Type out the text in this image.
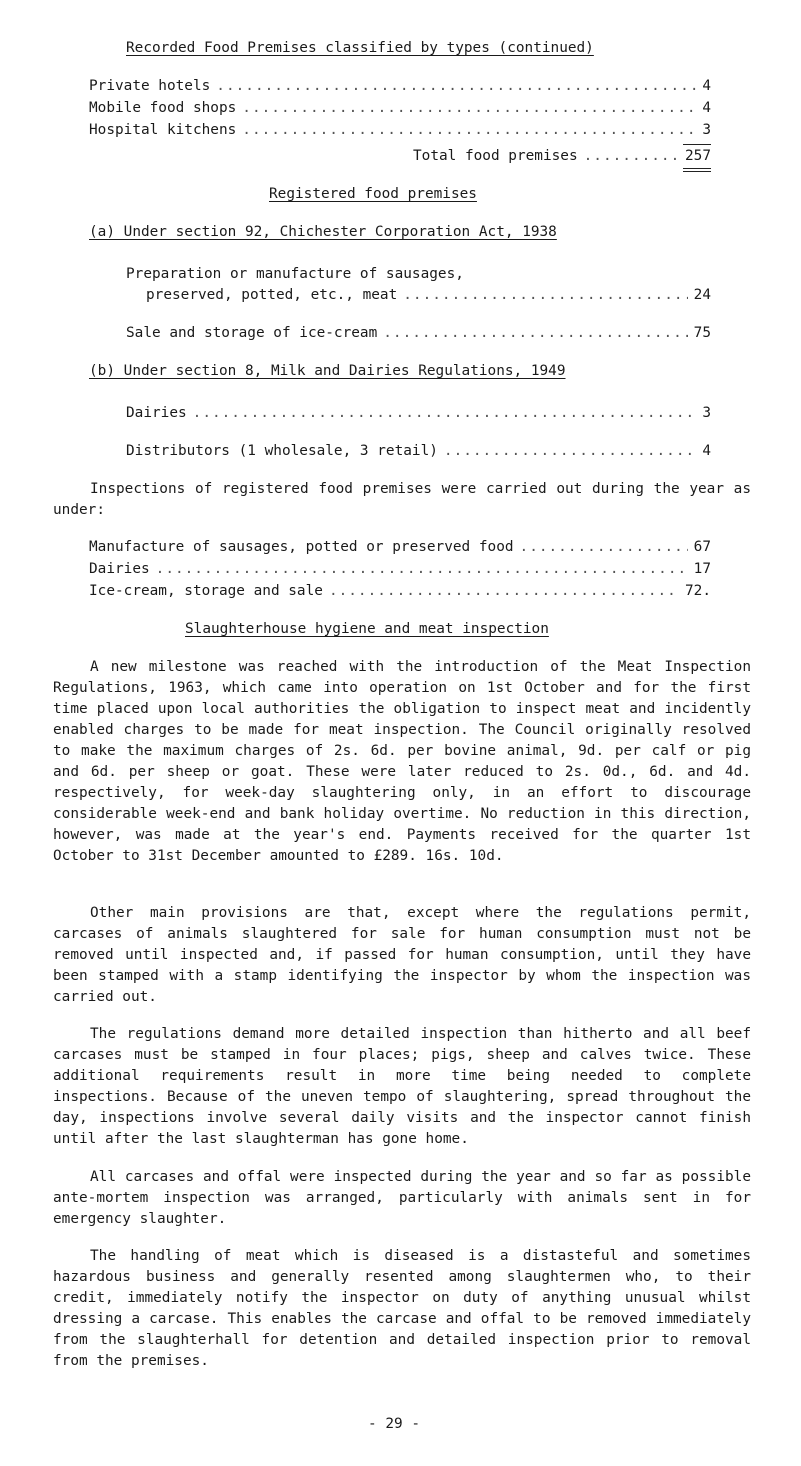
Recorded Food Premises classified by types (continued)
Private hotels .....	4
Mobile food shops .....	4
Hospital kitchens .....	3
Total food premises .....	257
Registered food premises
(a) Under section 92, Chichester Corporation Act, 1938
Preparation or manufacture of sausages,
preserved, potted, etc., meat .....	24
Sale and storage of ice-cream .....	75
(b) Under section 8, Milk and Dairies Regulations, 1949
Dairies .....	3
Distributors (1 wholesale, 3 retail) .....	4

Inspections of registered food premises were carried out during the year as under:

Manufacture of sausages, potted or preserved food .....	67
Dairies .....	17
Ice-cream, storage and sale .....	72.
Slaughterhouse hygiene and meat inspection

A new milestone was reached with the introduction of the Meat Inspection Regulations, 1963, which came into operation on 1st October and for the first time placed upon local authorities the obligation to inspect meat and incidently enabled charges to be made for meat inspection. The Council originally resolved to make the maximum charges of 2s. 6d. per bovine animal, 9d. per calf or pig and 6d. per sheep or goat. These were later reduced to 2s. 0d., 6d. and 4d. respectively, for week-day slaughtering only, in an effort to discourage considerable week-end and bank holiday overtime. No reduction in this direction, however, was made at the year's end. Payments received for the quarter 1st October to 31st December amounted to £289. 16s. 10d.

Other main provisions are that, except where the regulations permit, carcases of animals slaughtered for sale for human consumption must not be removed until inspected and, if passed for human consumption, until they have been stamped with a stamp identifying the inspector by whom the inspection was carried out.

The regulations demand more detailed inspection than hitherto and all beef carcases must be stamped in four places; pigs, sheep and calves twice. These additional requirements result in more time being needed to complete inspections. Because of the uneven tempo of slaughtering, spread throughout the day, inspections involve several daily visits and the inspector cannot finish until after the last slaughterman has gone home.

All carcases and offal were inspected during the year and so far as possible ante-mortem inspection was arranged, particularly with animals sent in for emergency slaughter.

The handling of meat which is diseased is a distasteful and sometimes hazardous business and generally resented among slaughtermen who, to their credit, immediately notify the inspector on duty of anything unusual whilst dressing a carcase. This enables the carcase and offal to be removed immediately from the slaughterhall for detention and detailed inspection prior to removal from the premises.

- 29 -
